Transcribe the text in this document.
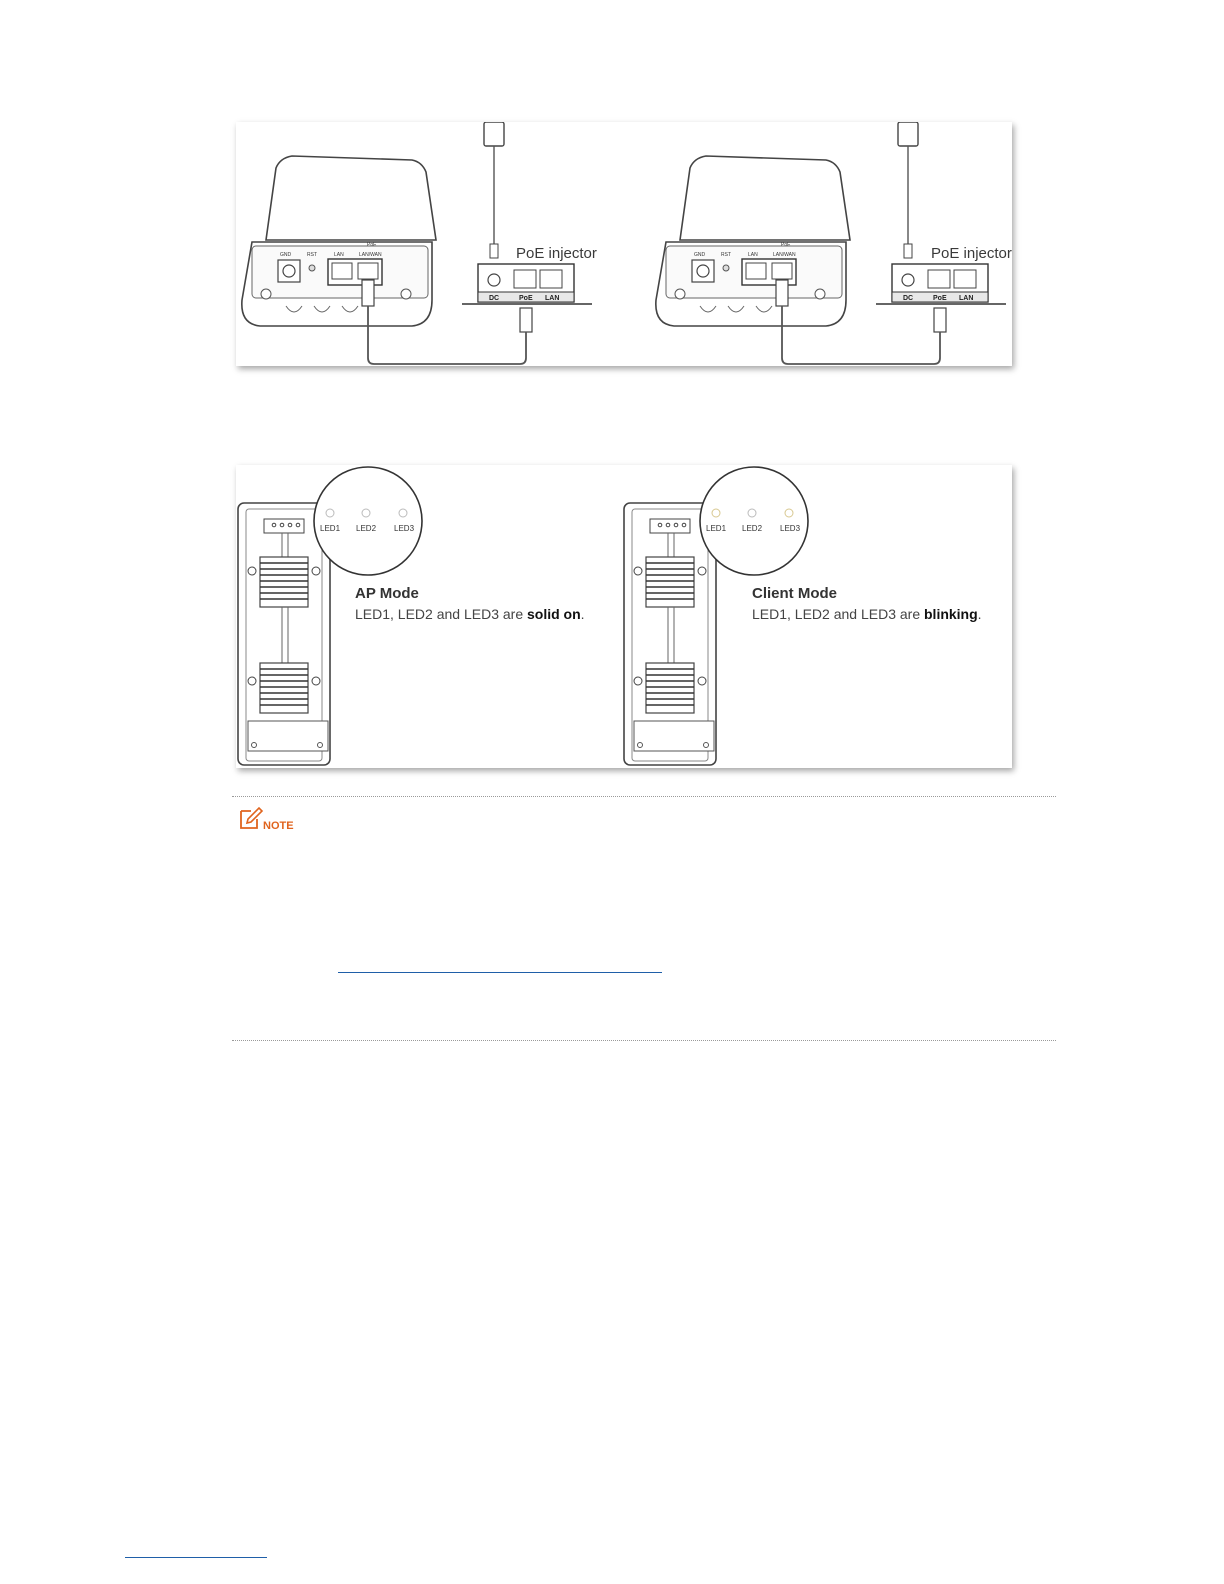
GND	RST	LAN
PoE
LAN/WAN	PoE injector
DC	PoE LAN
GND	RST	LAN
PoE
LAN/WAN	PoE injector
DC	PoE LAN
LED1 LED2 LED3
AP Mode
LED1, LED2 and LED3 are solid on.
LED1 LED2 LED3
Client Mode
LED1, LED2 and LED3 are blinking.
NOTE
